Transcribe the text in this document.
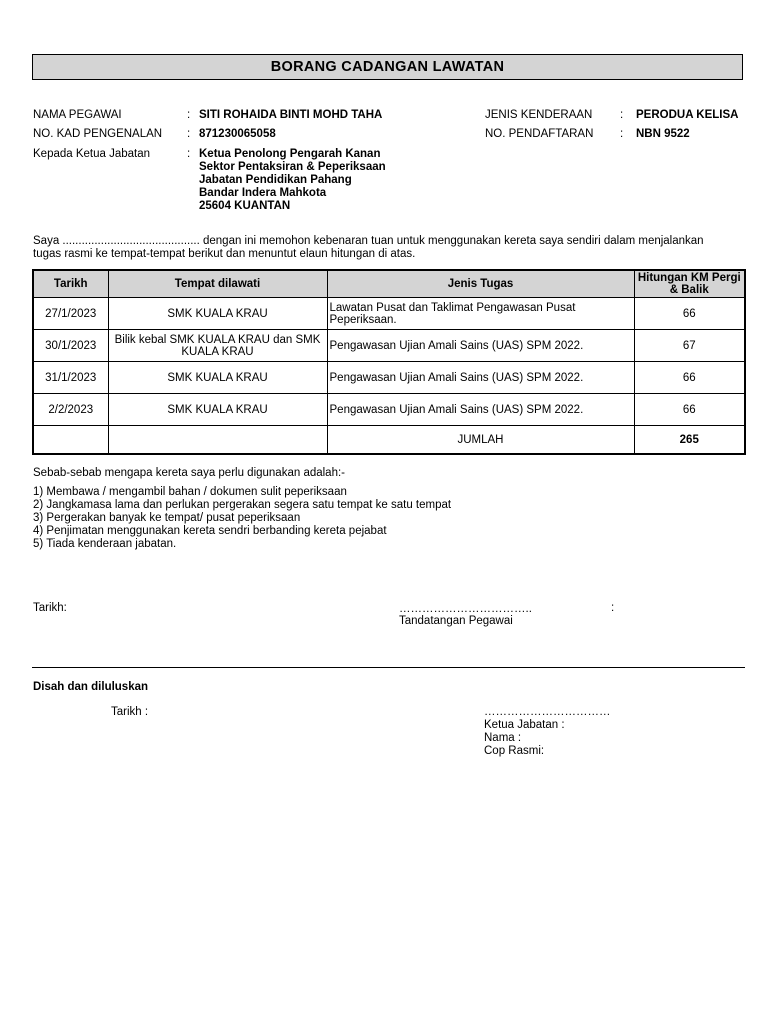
BORANG CADANGAN LAWATAN
NAMA PEGAWAI	: SITI ROHAIDA BINTI MOHD TAHA
NO. KAD PENGENALAN : 871230065058
Kepada Ketua Jabatan	: Ketua Penolong Pengarah Kanan
Sektor Pentaksiran & Peperiksaan
Jabatan Pendidikan Pahang
Bandar Indera Mahkota
25604 KUANTAN
JENIS KENDERAAN : PERODUA KELISA
NO. PENDAFTARAN : NBN 9522
Saya ........................................... dengan ini memohon kebenaran tuan untuk menggunakan kereta saya sendiri dalam menjalankan tugas rasmi ke tempat-tempat berikut dan menuntut elaun hitungan di atas.
Tarikh	Tempat dilawati	Jenis Tugas	Hitungan KM Pergi & Balik
27/1/2023	SMK KUALA KRAU	Lawatan Pusat dan Taklimat Pengawasan Pusat Peperiksaan.	66
30/1/2023	Bilik kebal SMK KUALA KRAU dan SMK KUALA KRAU	Pengawasan Ujian Amali Sains (UAS) SPM 2022.	67
31/1/2023	SMK KUALA KRAU	Pengawasan Ujian Amali Sains (UAS) SPM 2022.	66
2/2/2023	SMK KUALA KRAU	Pengawasan Ujian Amali Sains (UAS) SPM 2022.	66
		JUMLAH	265
Sebab-sebab mengapa kereta saya perlu digunakan adalah:-
1) Membawa / mengambil bahan / dokumen sulit peperiksaan
2) Jangkamasa lama dan perlukan pergerakan segera satu tempat ke satu tempat
3) Pergerakan banyak ke tempat/ pusat peperiksaan
4) Penjimatan menggunakan kereta sendri berbanding kereta pejabat
5) Tiada kenderaan jabatan.
Tarikh:	……………………………..	:
Tandatangan Pegawai
Disah dan diluluskan
Tarikh :	……………………………
Ketua Jabatan :
Nama :
Cop Rasmi:
